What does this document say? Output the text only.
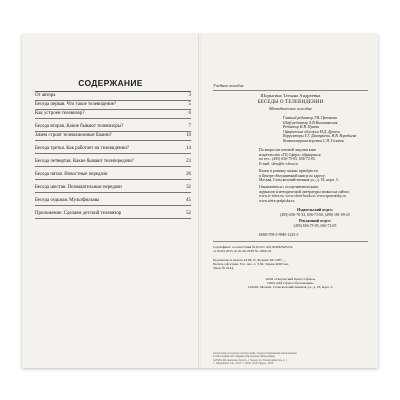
СОДЕРЖАНИЕ
От автора	3
Беседа первая. Что такое телевидение?	5
Как устроен телевизор?	6
Беседа вторая. Какие бывают телевизоры?	7
Зачем строят телевизионные башни?	10
Беседа третья. Как работает на телевидении?	14
Беседа четвертая. Какие бывают телепередачи?	23
Беседа пятая. Новостные передачи	26
Беседа шестая. Познавательные передачи	32
Беседа седьмая. Мультфильмы	45
Приложение. Сделаем детский телевизор	52
Учебное пособие
Шорыгина Татьяна Андреевна
БЕСЕДЫ О ТЕЛЕВИДЕНИИ
Методическое пособие
Главный редактор Т.В. Цветкова
Шеф-редактор А.В.Никитинская
Редактор И.В. Пуяева
Оформление обложки М.Д. Дронов
Корректоры Т.Г. Дмитриева, Н.В. Воробьева
Компьютерная верстка С.И. Галаева
По вопросам оптовой закупки книг
издательства «ТЦ Сфера» обращаться
по тел.: (495) 656-75-05, 656-72-05.
E-mail: sfera@tc-sfera.ru
Книги в розницу можно приобрести
в Центре объединенной книги по адресу:
Москва, Сельскохозяйственная ул., д. 18, корп. 3.
Ознакомиться с ассортиментом книг,
журналов и методической литературы можно на сайтах:
www.tc-sfera.ru; www.sfera-book.ru; www.spravatsky.ru
www.sfera-podpiska.ru
Издательский отдел:
(495) 656-70-33, 656-73-00, (499) 181-09-23
Рекламный отдел:
(495) 656-75-05, 656-72-05
ISBN 978-5-9949-1225-5
Сертификат соответствия № РОСС RU.ЯП06.Н25232
от 02.02.2015 по 01.02.2018 № 1004132
Подписано в печать 24.08.15. Формат 84×108¹/₃₂.
Печать офсетная. Усл. печ. л. 3,36. Тираж 4000 экз.
Заказ № 3144.
ООО «Творческий Центр Сфера»
ООО «ИД Сфера образования»
129226, Москва, Сельскохозяйственная ул., д. 18, корп. 3.
Отпечатано в полном соответствии с предоставленными материалами
в типографии АО «Первая Образцовая типография»
143900, Московская область, г. Чехов, ул. Полиграфистов, д. 1
© Шорыгина Т.А., 2015 © ООО «ТЦ Сфера», 2015
